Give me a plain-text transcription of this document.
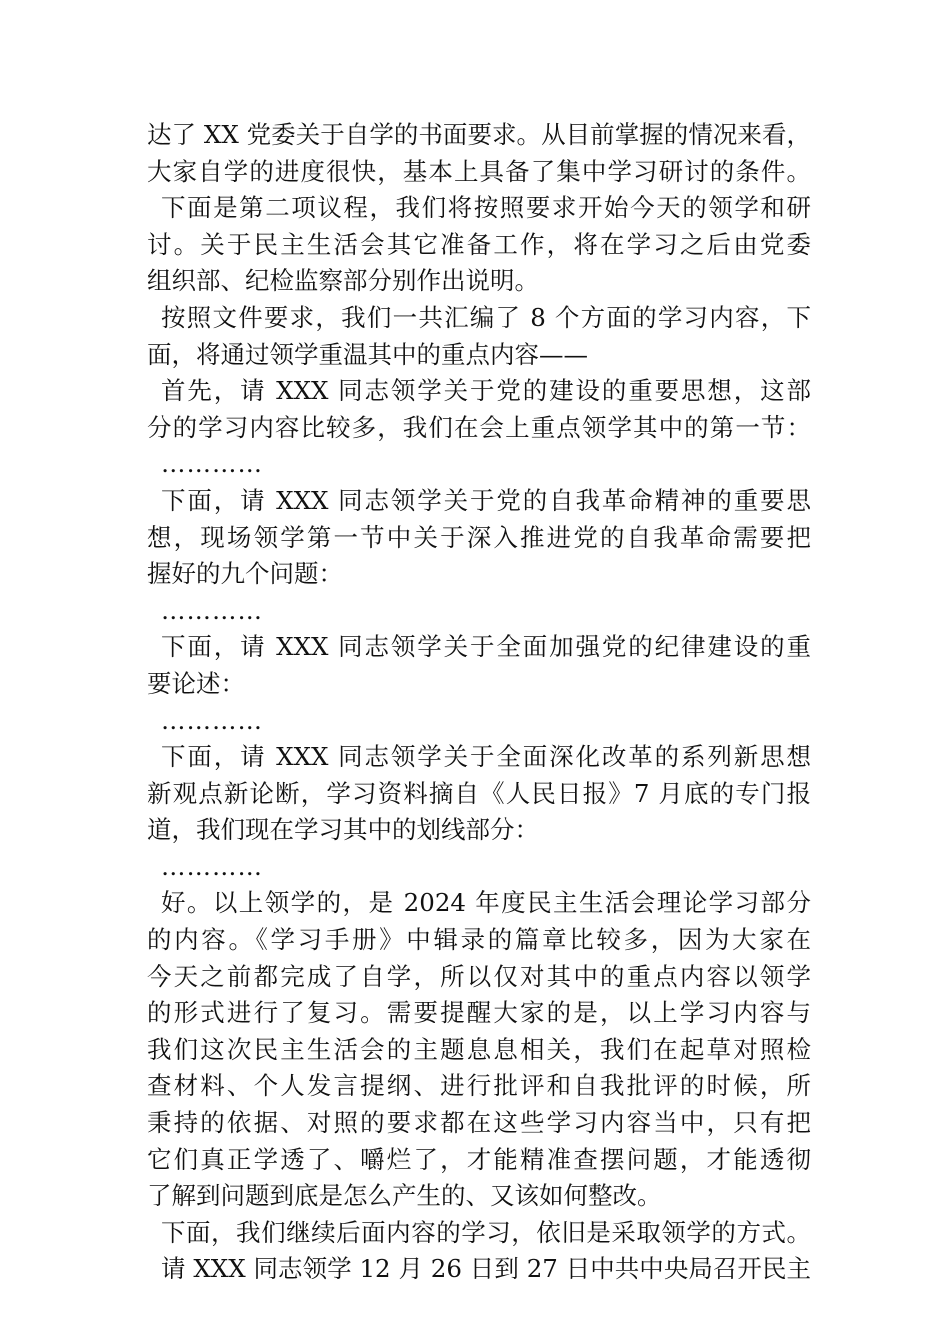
达了 XX 党委关于自学的书面要求。从目前掌握的情况来看，
大家自学的进度很快，基本上具备了集中学习研讨的条件。
下面是第二项议程，我们将按照要求开始今天的领学和研
讨。关于民主生活会其它准备工作，将在学习之后由党委
组织部、纪检监察部分别作出说明。
按照文件要求，我们一共汇编了 8 个方面的学习内容，下
面，将通过领学重温其中的重点内容——
首先，请 XXX 同志领学关于党的建设的重要思想，这部
分的学习内容比较多，我们在会上重点领学其中的第一节：
…………
下面，请 XXX 同志领学关于党的自我革命精神的重要思
想，现场领学第一节中关于深入推进党的自我革命需要把
握好的九个问题：
…………
下面，请 XXX 同志领学关于全面加强党的纪律建设的重
要论述：
…………
下面，请 XXX 同志领学关于全面深化改革的系列新思想
新观点新论断，学习资料摘自《人民日报》7 月底的专门报
道，我们现在学习其中的划线部分：
…………
好。以上领学的，是 2024 年度民主生活会理论学习部分
的内容。《学习手册》中辑录的篇章比较多，因为大家在
今天之前都完成了自学，所以仅对其中的重点内容以领学
的形式进行了复习。需要提醒大家的是，以上学习内容与
我们这次民主生活会的主题息息相关，我们在起草对照检
查材料、个人发言提纲、进行批评和自我批评的时候，所
秉持的依据、对照的要求都在这些学习内容当中，只有把
它们真正学透了、嚼烂了，才能精准查摆问题，才能透彻
了解到问题到底是怎么产生的、又该如何整改。
下面，我们继续后面内容的学习，依旧是采取领学的方式。
请 XXX 同志领学 12 月 26 日到 27 日中共中央局召开民主
